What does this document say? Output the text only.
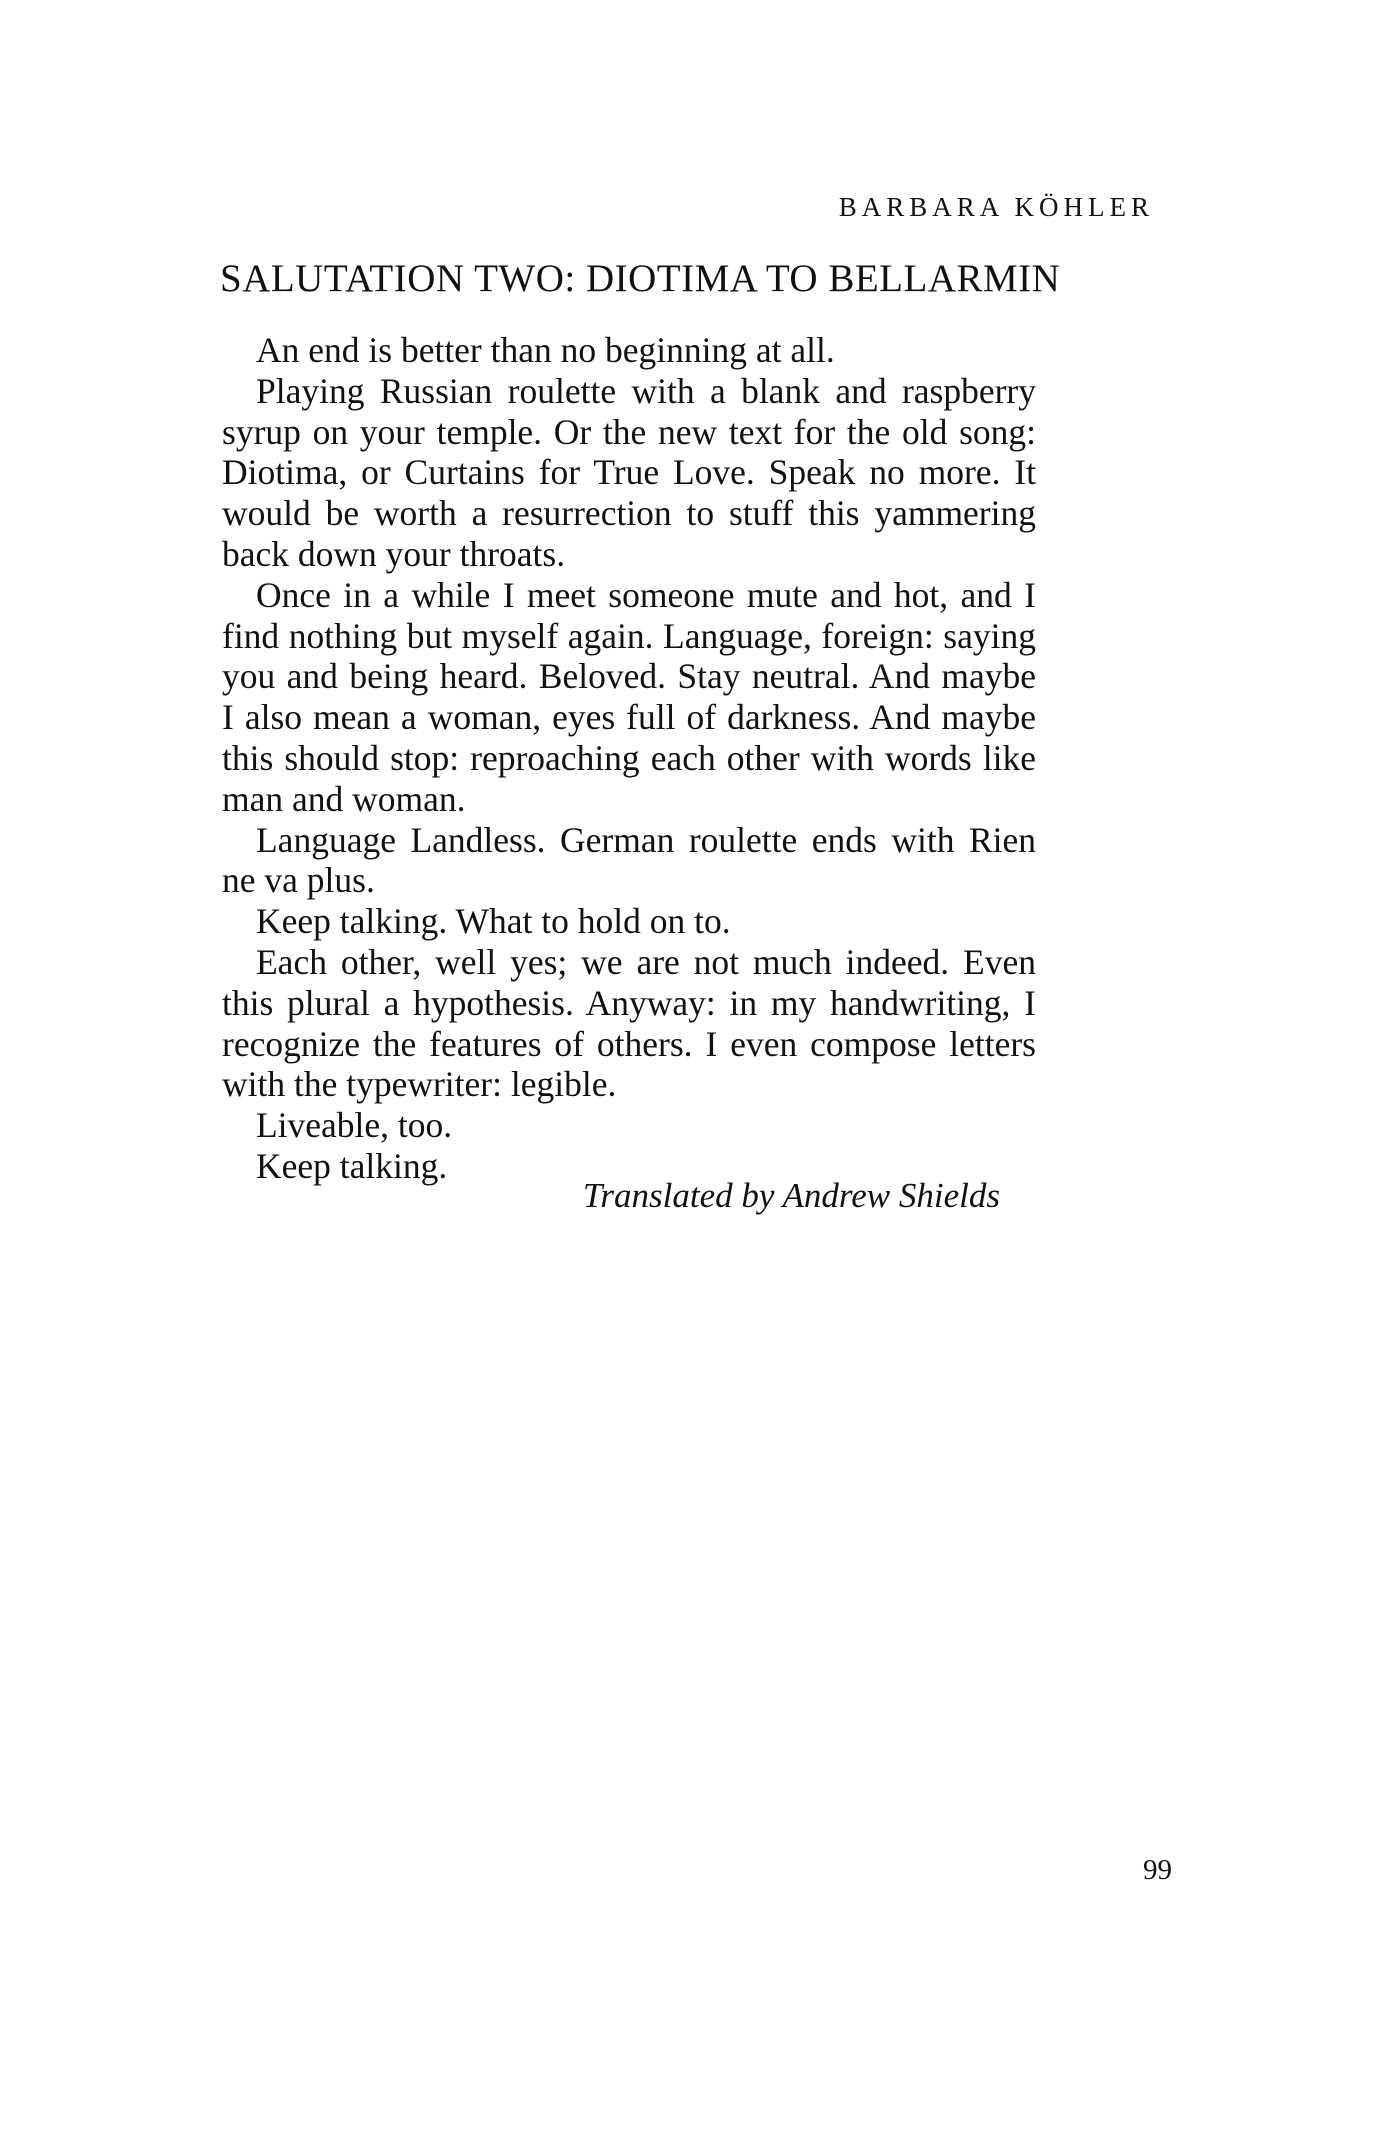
BARBARA KÖHLER
SALUTATION TWO: DIOTIMA TO BELLARMIN

An end is better than no beginning at all.

Playing Russian roulette with a blank and raspberry syrup on your temple. Or the new text for the old song: Diotima, or Curtains for True Love. Speak no more. It would be worth a resurrection to stuff this yammering back down your throats.

Once in a while I meet someone mute and hot, and I find nothing but myself again. Language, foreign: saying you and being heard. Beloved. Stay neutral. And maybe I also mean a woman, eyes full of darkness. And maybe this should stop: reproaching each other with words like man and woman.

Language Landless. German roulette ends with Rien ne va plus.

Keep talking. What to hold on to.

Each other, well yes; we are not much indeed. Even this plural a hypothesis. Anyway: in my handwriting, I recognize the features of others. I even compose letters with the typewriter: legible.

Liveable, too.

Keep talking.

Translated by Andrew Shields
99
